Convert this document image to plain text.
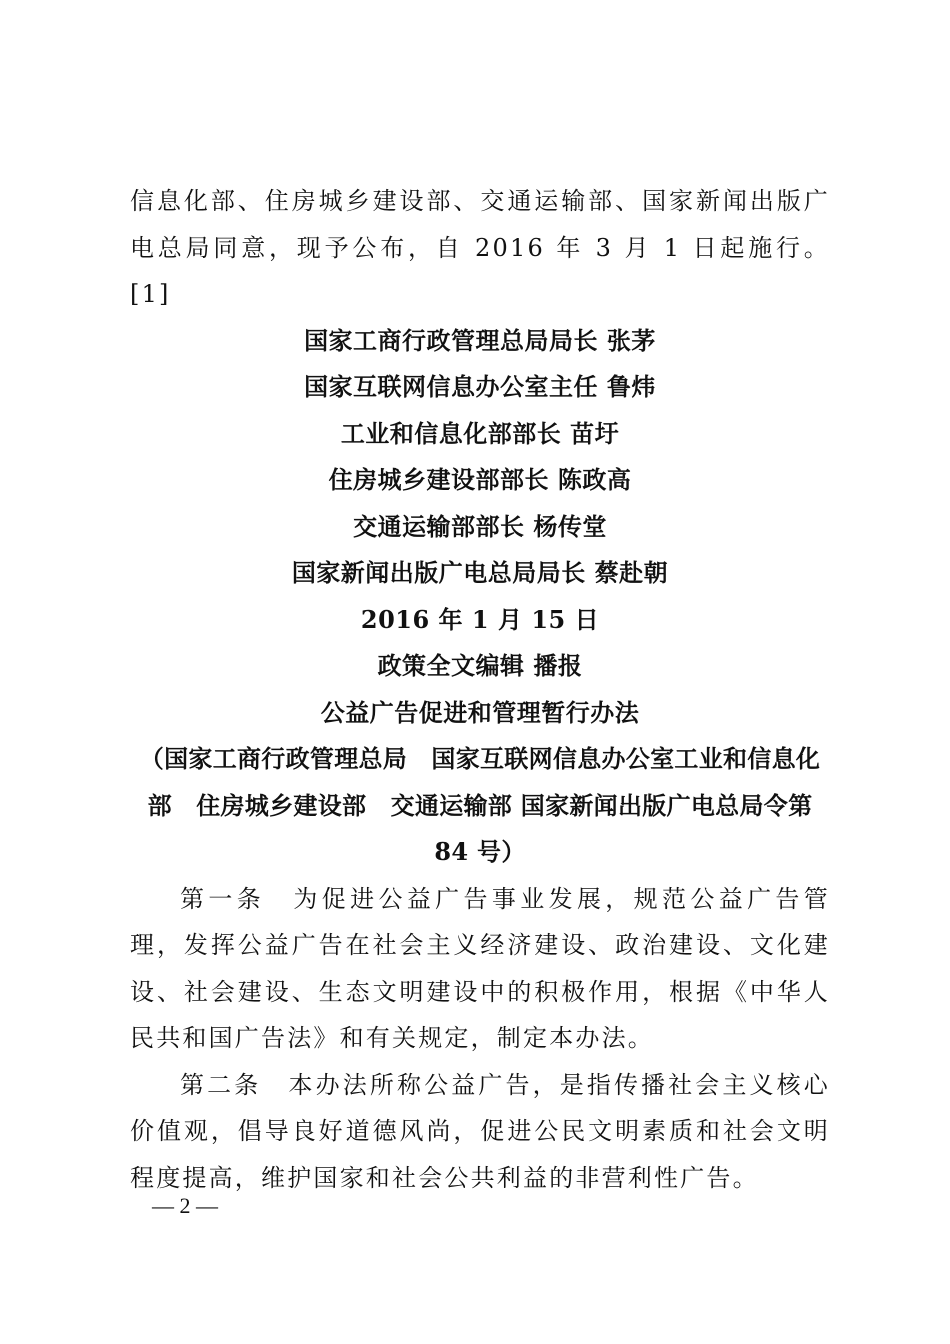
信息化部、住房城乡建设部、交通运输部、国家新闻出版广电总局同意，现予公布，自 2016 年 3 月 1 日起施行。 [1]

国家工商行政管理总局局长 张茅

国家互联网信息办公室主任 鲁炜

工业和信息化部部长 苗圩

住房城乡建设部部长 陈政高

交通运输部部长 杨传堂

国家新闻出版广电总局局长 蔡赴朝

2016 年 1 月 15 日

政策全文编辑 播报

公益广告促进和管理暂行办法

（国家工商行政管理总局　国家互联网信息办公室工业和信息化部　住房城乡建设部　交通运输部 国家新闻出版广电总局令第 84 号）

第一条　为促进公益广告事业发展，规范公益广告管理，发挥公益广告在社会主义经济建设、政治建设、文化建设、社会建设、生态文明建设中的积极作用，根据《中华人民共和国广告法》和有关规定，制定本办法。

第二条　本办法所称公益广告，是指传播社会主义核心价值观，倡导良好道德风尚，促进公民文明素质和社会文明程度提高，维护国家和社会公共利益的非营利性广告。

— 2 —
